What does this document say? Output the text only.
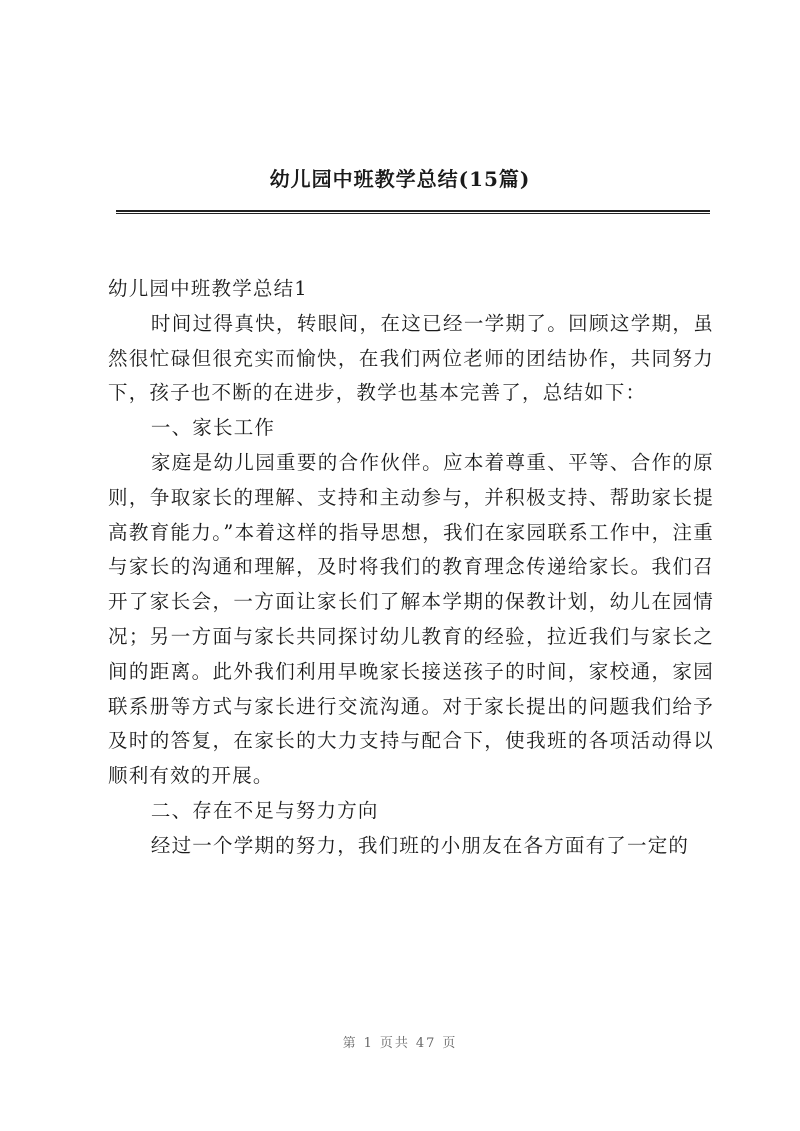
幼儿园中班教学总结(15篇)

幼儿园中班教学总结1

时间过得真快，转眼间，在这已经一学期了。回顾这学期，虽然很忙碌但很充实而愉快，在我们两位老师的团结协作，共同努力下，孩子也不断的在进步，教学也基本完善了，总结如下：

一、家长工作

家庭是幼儿园重要的合作伙伴。应本着尊重、平等、合作的原则，争取家长的理解、支持和主动参与，并积极支持、帮助家长提高教育能力。”本着这样的指导思想，我们在家园联系工作中，注重与家长的沟通和理解，及时将我们的教育理念传递给家长。我们召开了家长会，一方面让家长们了解本学期的保教计划，幼儿在园情况；另一方面与家长共同探讨幼儿教育的经验，拉近我们与家长之间的距离。此外我们利用早晚家长接送孩子的时间，家校通，家园联系册等方式与家长进行交流沟通。对于家长提出的问题我们给予及时的答复，在家长的大力支持与配合下，使我班的各项活动得以顺利有效的开展。

二、存在不足与努力方向

经过一个学期的努力，我们班的小朋友在各方面有了一定的

第 1 页共 47 页
